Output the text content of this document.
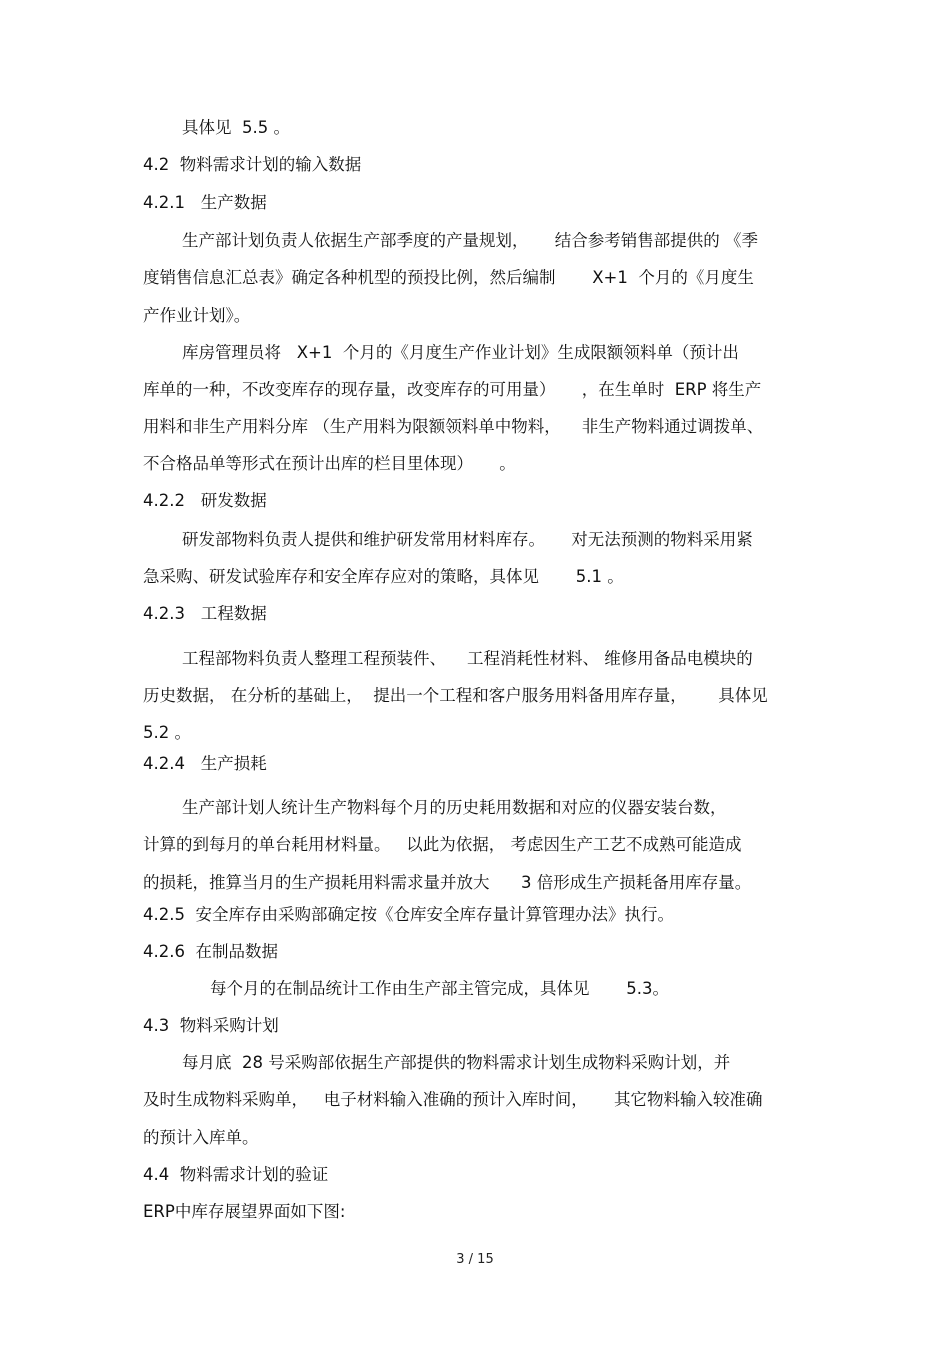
具体见  5.5 。
4.2  物料需求计划的输入数据
4.2.1   生产数据
生产部计划负责人依据生产部季度的产量规划，     结合参考销售部提供的 《季
度销售信息汇总表》确定各种机型的预投比例，然后编制       X+1  个月的《月度生
产作业计划》。
库房管理员将   X+1  个月的《月度生产作业计划》生成限额领料单（预计出
库单的一种，不改变库存的现存量，改变库存的可用量）     ，在生单时  ERP 将生产
用料和非生产用料分库 （生产用料为限额领料单中物料，    非生产物料通过调拨单、
不合格品单等形式在预计出库的栏目里体现）     。
4.2.2   研发数据
研发部物料负责人提供和维护研发常用材料库存。     对无法预测的物料采用紧
急采购、研发试验库存和安全库存应对的策略，具体见       5.1 。
4.2.3   工程数据
工程部物料负责人整理工程预装件、    工程消耗性材料、 维修用备品电模块的
历史数据， 在分析的基础上，  提出一个工程和客户服务用料备用库存量，      具体见
5.2 。
4.2.4   生产损耗
生产部计划人统计生产物料每个月的历史耗用数据和对应的仪器安装台数，
计算的到每月的单台耗用材料量。   以此为依据， 考虑因生产工艺不成熟可能造成
的损耗，推算当月的生产损耗用料需求量并放大      3 倍形成生产损耗备用库存量。
4.2.5  安全库存由采购部确定按《仓库安全库存量计算管理办法》执行。
4.2.6  在制品数据
每个月的在制品统计工作由生产部主管完成，具体见       5.3。
4.3  物料采购计划
每月底  28 号采购部依据生产部提供的物料需求计划生成物料采购计划，并
及时生成物料采购单，   电子材料输入准确的预计入库时间，     其它物料输入较准确
的预计入库单。
4.4  物料需求计划的验证
ERP中库存展望界面如下图:
3 / 15
